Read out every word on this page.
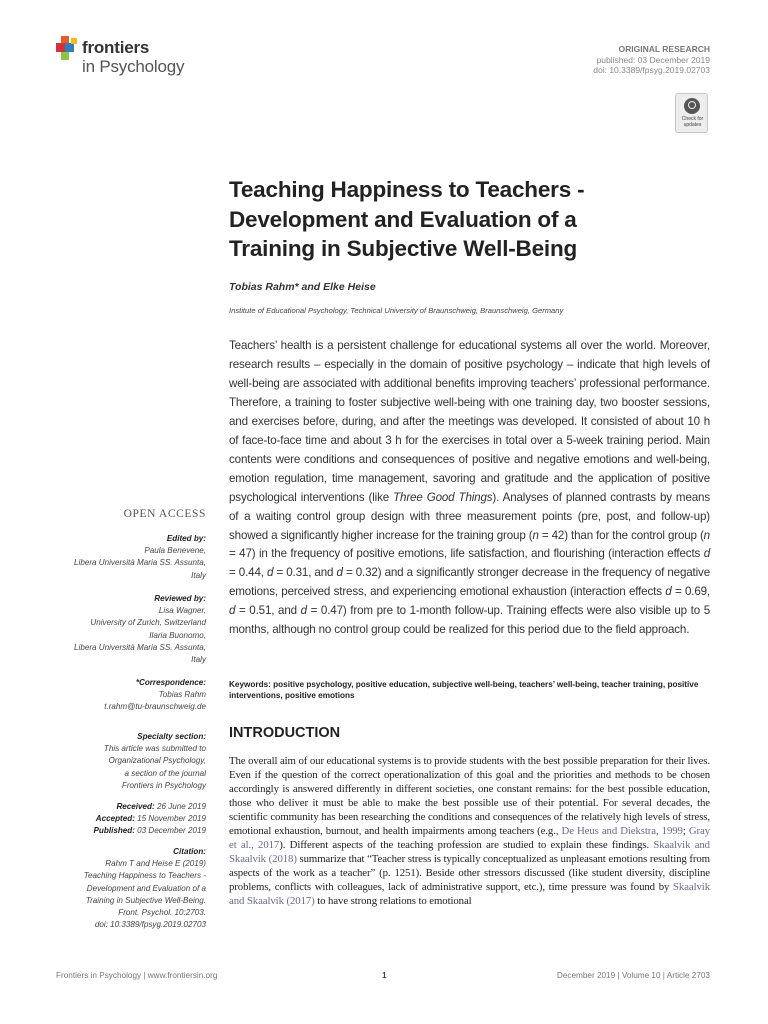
frontiers
in Psychology
ORIGINAL RESEARCH
published: 03 December 2019
doi: 10.3389/fpsyg.2019.02703
Check for
updates
Teaching Happiness to Teachers -
Development and Evaluation of a
Training in Subjective Well-Being
Tobias Rahm* and Elke Heise
Institute of Educational Psychology, Technical University of Braunschweig, Braunschweig, Germany
Teachers’ health is a persistent challenge for educational systems all over the world. Moreover, research results – especially in the domain of positive psychology – indicate that high levels of well-being are associated with additional benefits improving teachers’ professional performance. Therefore, a training to foster subjective well-being with one training day, two booster sessions, and exercises before, during, and after the meetings was developed. It consisted of about 10 h of face-to-face time and about 3 h for the exercises in total over a 5-week training period. Main contents were conditions and consequences of positive and negative emotions and well-being, emotion regulation, time management, savoring and gratitude and the application of positive psychological interventions (like Three Good Things). Analyses of planned contrasts by means of a waiting control group design with three measurement points (pre, post, and follow-up) showed a significantly higher increase for the training group (n = 42) than for the control group (n = 47) in the frequency of positive emotions, life satisfaction, and flourishing (interaction effects d = 0.44, d = 0.31, and d = 0.32) and a significantly stronger decrease in the frequency of negative emotions, perceived stress, and experiencing emotional exhaustion (interaction effects d = 0.69, d = 0.51, and d = 0.47) from pre to 1-month follow-up. Training effects were also visible up to 5 months, although no control group could be realized for this period due to the field approach.
Keywords: positive psychology, positive education, subjective well-being, teachers’ well-being, teacher training, positive interventions, positive emotions
OPEN ACCESS
Edited by:
Paula Benevene,
Libera Università Maria SS. Assunta,
Italy
Reviewed by:
Lisa Wagner,
University of Zurich, Switzerland
Ilaria Buonomo,
Libera Università Maria SS. Assunta,
Italy
*Correspondence:
Tobias Rahm
t.rahm@tu-braunschweig.de
Specialty section:
This article was submitted to
Organizational Psychology,
a section of the journal
Frontiers in Psychology
Received: 26 June 2019
Accepted: 15 November 2019
Published: 03 December 2019
Citation:
Rahm T and Heise E (2019)
Teaching Happiness to Teachers -
Development and Evaluation of a
Training in Subjective Well-Being.
Front. Psychol. 10:2703.
doi: 10.3389/fpsyg.2019.02703
INTRODUCTION
The overall aim of our educational systems is to provide students with the best possible preparation for their lives. Even if the question of the correct operationalization of this goal and the priorities and methods to be chosen accordingly is answered differently in different societies, one constant remains: for the best possible education, those who deliver it must be able to make the best possible use of their potential. For several decades, the scientific community has been researching the conditions and consequences of the relatively high levels of stress, emotional exhaustion, burnout, and health impairments among teachers (e.g., De Heus and Diekstra, 1999; Gray et al., 2017). Different aspects of the teaching profession are studied to explain these findings. Skaalvik and Skaalvik (2018) summarize that “Teacher stress is typically conceptualized as unpleasant emotions resulting from aspects of the work as a teacher” (p. 1251). Beside other stressors discussed (like student diversity, discipline problems, conflicts with colleagues, lack of administrative support, etc.), time pressure was found by Skaalvik and Skaalvik (2017) to have strong relations to emotional
Frontiers in Psychology | www.frontiersin.org	1	December 2019 | Volume 10 | Article 2703
